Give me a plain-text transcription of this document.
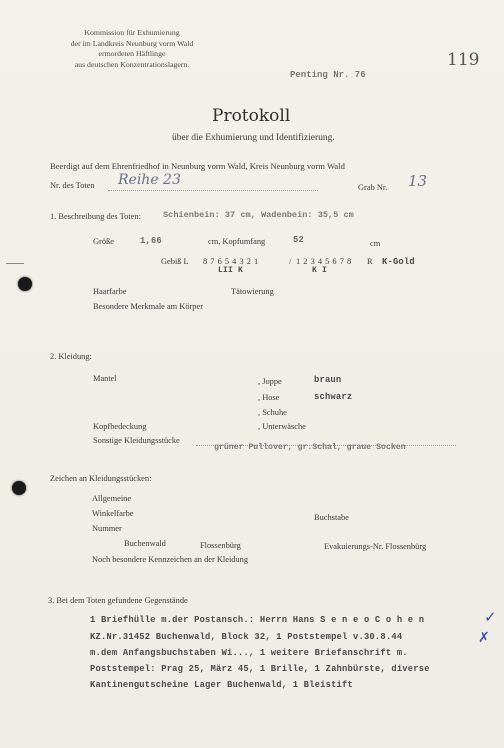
Kommission für Exhumierung
der im Landkreis Neunburg vorm Wald
ermordeten Häftlinge
aus deutschen Konzentrationslagern.
Penting Nr. 76
119
Protokoll
über die Exhumierung und Identifizierung.
Beerdigt auf dem Ehrenfriedhof in Neunburg vorm Wald, Kreis Neunburg vorm Wald
Nr. des Toten Reihe 23	Grab Nr. 13
1. Beschreibung des Toten:	Schienbein: 37 cm, Wadenbein: 35,5 cm
Größe	1,66	cm, Kopfumfang	52	cm
Gebiß L 8 7 6 5 4 3 2 1	/ 1 2 3 4 5 6 7 8 R K-Gold
LII K	K I
Haarfarbe	Tätowierung
Besondere Merkmale am Körper
2. Kleidung:
Mantel	, Joppe	braun
, Hose	schwarz
, Schuhe
Kopfbedeckung	, Unterwäsche
Sonstige Kleidungsstücke
grüner Pullover, gr.Schal, graue Socken
Zeichen an Kleidungsstücken:
Allgemeine
Winkelfarbe	Buchstabe
Nummer
Buchenwald	Flossenbürg	Evakuierungs-Nr. Flossenbürg
Noch besondere Kennzeichen an der Kleidung
3. Bei dem Toten gefundene Gegenstände
1 Briefhülle m.der Postansch.: Herrn Hans S e n e o C o h e n
KZ.Nr.31452 Buchenwald, Block 32, 1 Poststempel v.30.8.44
m.dem Anfangsbuchstaben Wi..., 1 weitere Briefanschrift m.
Poststempel: Prag 25, März 45, 1 Brille, 1 Zahnbürste, diverse
Kantinengutscheine Lager Buchenwald, 1 Bleistift
✓
✗
